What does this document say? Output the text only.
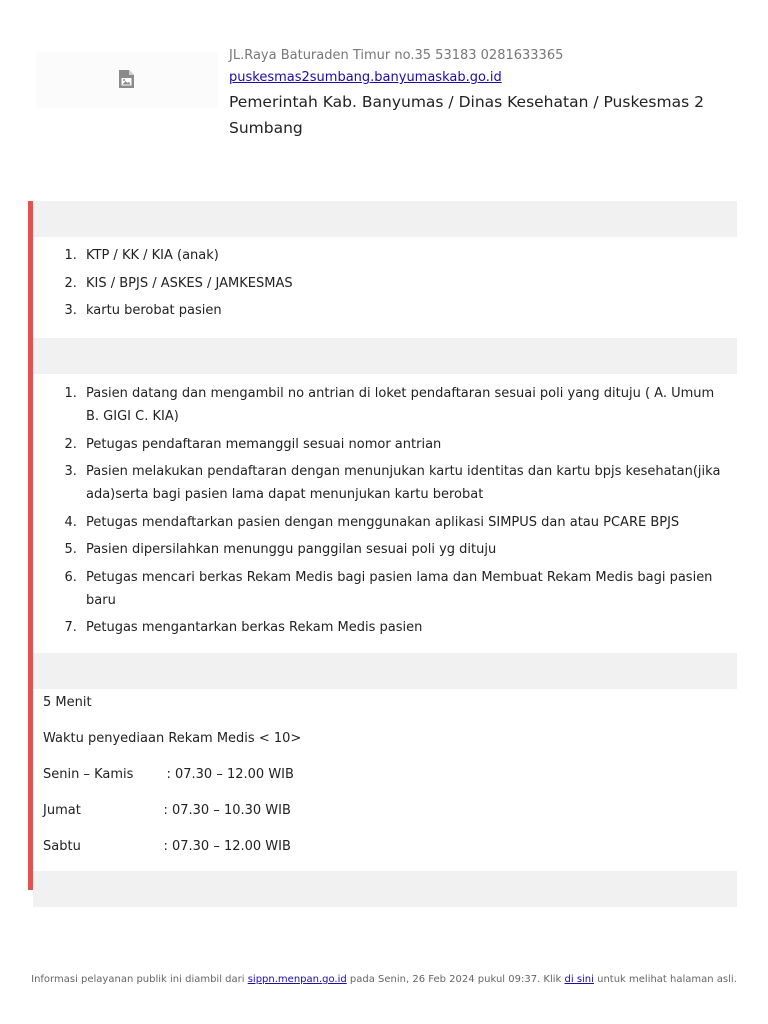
JL.Raya Baturaden Timur no.35 53183 0281633365
puskesmas2sumbang.banyumaskab.go.id
Pemerintah Kab. Banyumas / Dinas Kesehatan / Puskesmas 2 Sumbang
1. KTP / KK / KIA (anak)
2. KIS / BPJS / ASKES / JAMKESMAS
3. kartu berobat pasien
1. Pasien datang dan mengambil no antrian di loket pendaftaran sesuai poli yang dituju ( A. Umum B. GIGI C. KIA)
2. Petugas pendaftaran memanggil sesuai nomor antrian
3. Pasien melakukan pendaftaran dengan menunjukan kartu identitas dan kartu bpjs kesehatan(jika ada)serta bagi pasien lama dapat menunjukan kartu berobat
4. Petugas mendaftarkan pasien dengan menggunakan aplikasi SIMPUS dan atau PCARE BPJS
5. Pasien dipersilahkan menunggu panggilan sesuai poli yg dituju
6. Petugas mencari berkas Rekam Medis bagi pasien lama dan Membuat Rekam Medis bagi pasien baru
7. Petugas mengantarkan berkas Rekam Medis pasien
5 Menit
Waktu penyediaan Rekam Medis < 10>
Senin – Kamis        : 07.30 – 12.00 WIB
Jumat                    : 07.30 – 10.30 WIB
Sabtu                    : 07.30 – 12.00 WIB
Informasi pelayanan publik ini diambil dari sippn.menpan.go.id pada Senin, 26 Feb 2024 pukul 09:37. Klik di sini untuk melihat halaman asli.
